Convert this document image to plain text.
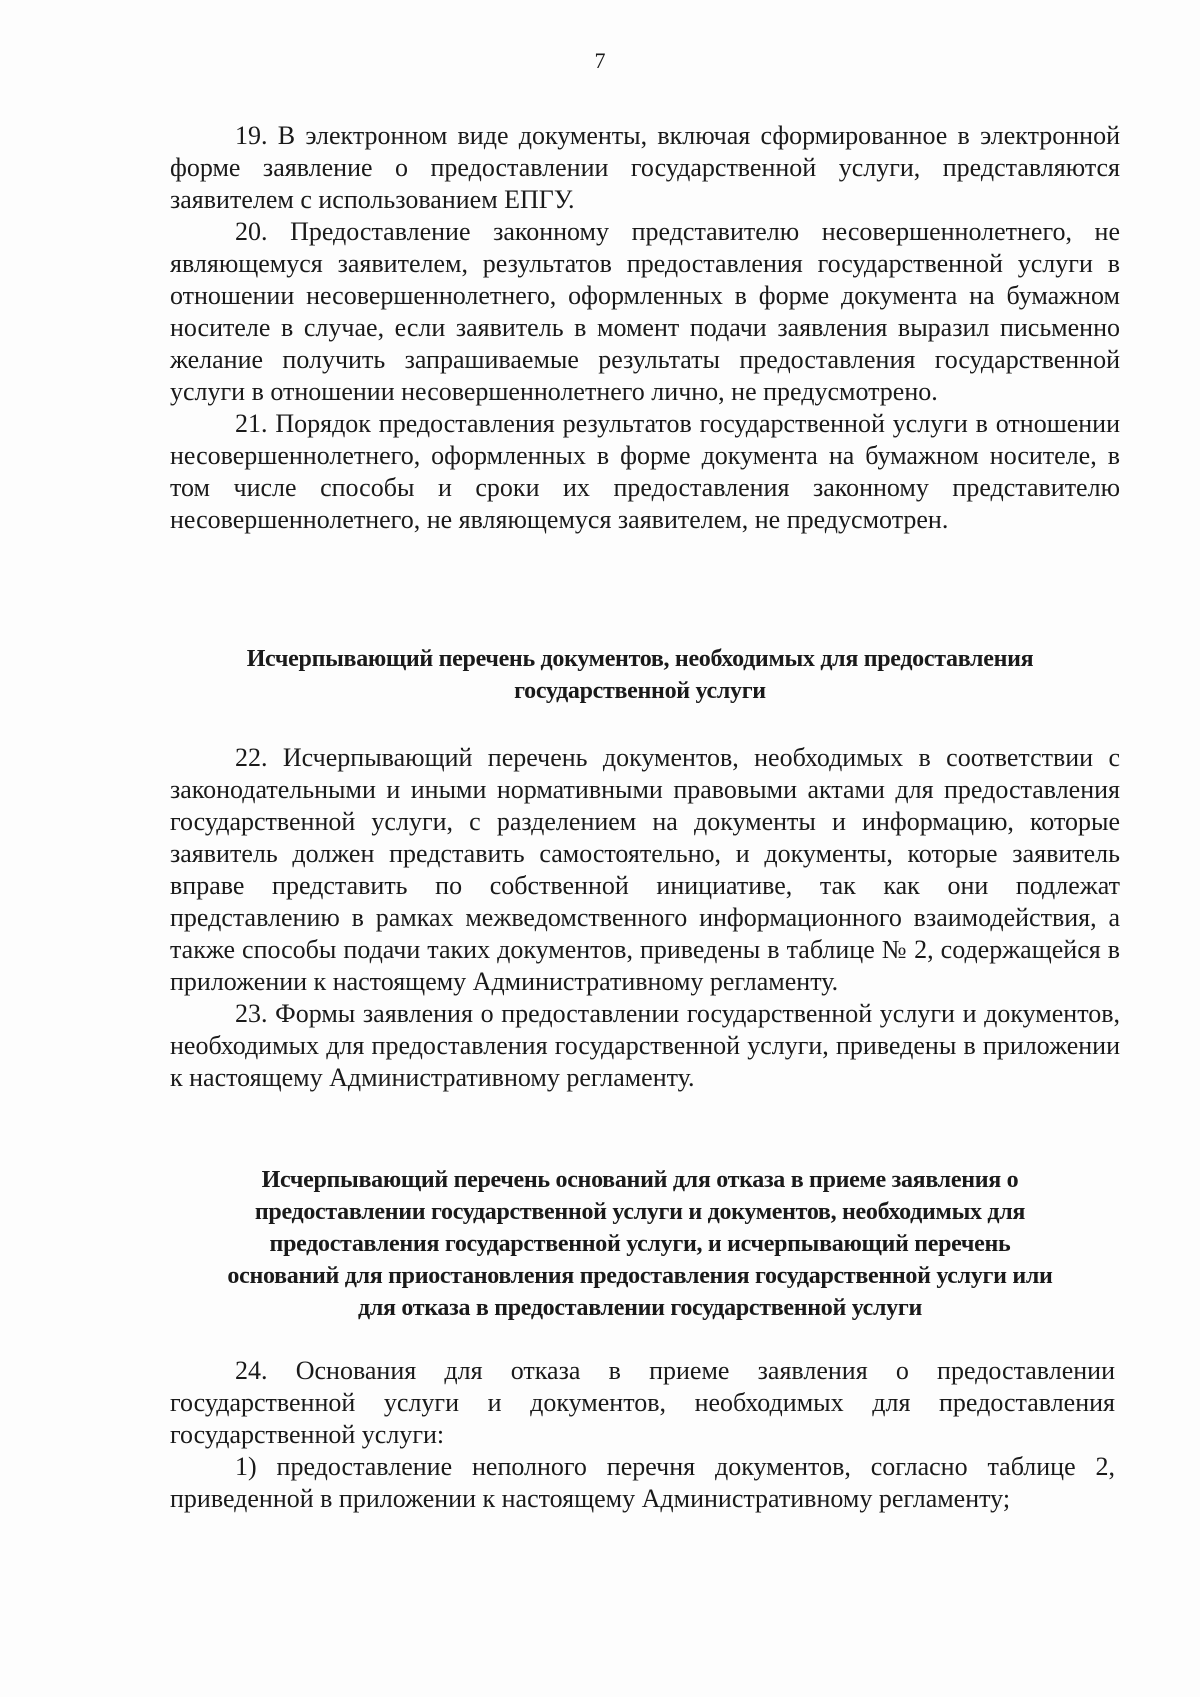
7

19. В электронном виде документы, включая сформированное в электронной форме заявление о предоставлении государственной услуги, представляются заявителем с использованием ЕПГУ.

20. Предоставление законному представителю несовершеннолетнего, не являющемуся заявителем, результатов предоставления государственной услуги в отношении несовершеннолетнего, оформленных в форме документа на бумажном носителе в случае, если заявитель в момент подачи заявления выразил письменно желание получить запрашиваемые результаты предоставления государственной услуги в отношении несовершеннолетнего лично, не предусмотрено.

21. Порядок предоставления результатов государственной услуги в отношении несовершеннолетнего, оформленных в форме документа на бумажном носителе, в том числе способы и сроки их предоставления законному представителю несовершеннолетнего, не являющемуся заявителем, не предусмотрен.

Исчерпывающий перечень документов, необходимых для предоставления
государственной услуги

22. Исчерпывающий перечень документов, необходимых в соответствии с законодательными и иными нормативными правовыми актами для предоставления государственной услуги, с разделением на документы и информацию, которые заявитель должен представить самостоятельно, и документы, которые заявитель вправе представить по собственной инициативе, так как они подлежат представлению в рамках межведомственного информационного взаимодействия, а также способы подачи таких документов, приведены в таблице № 2, содержащейся в приложении к настоящему Административному регламенту.

23. Формы заявления о предоставлении государственной услуги и документов, необходимых для предоставления государственной услуги, приведены в приложении к настоящему Административному регламенту.

Исчерпывающий перечень оснований для отказа в приеме заявления о
предоставлении государственной услуги и документов, необходимых для
предоставления государственной услуги, и исчерпывающий перечень
оснований для приостановления предоставления государственной услуги или
для отказа в предоставлении государственной услуги

24. Основания для отказа в приеме заявления о предоставлении государственной услуги и документов, необходимых для предоставления государственной услуги:

1) предоставление неполного перечня документов, согласно таблице 2, приведенной в приложении к настоящему Административному регламенту;
